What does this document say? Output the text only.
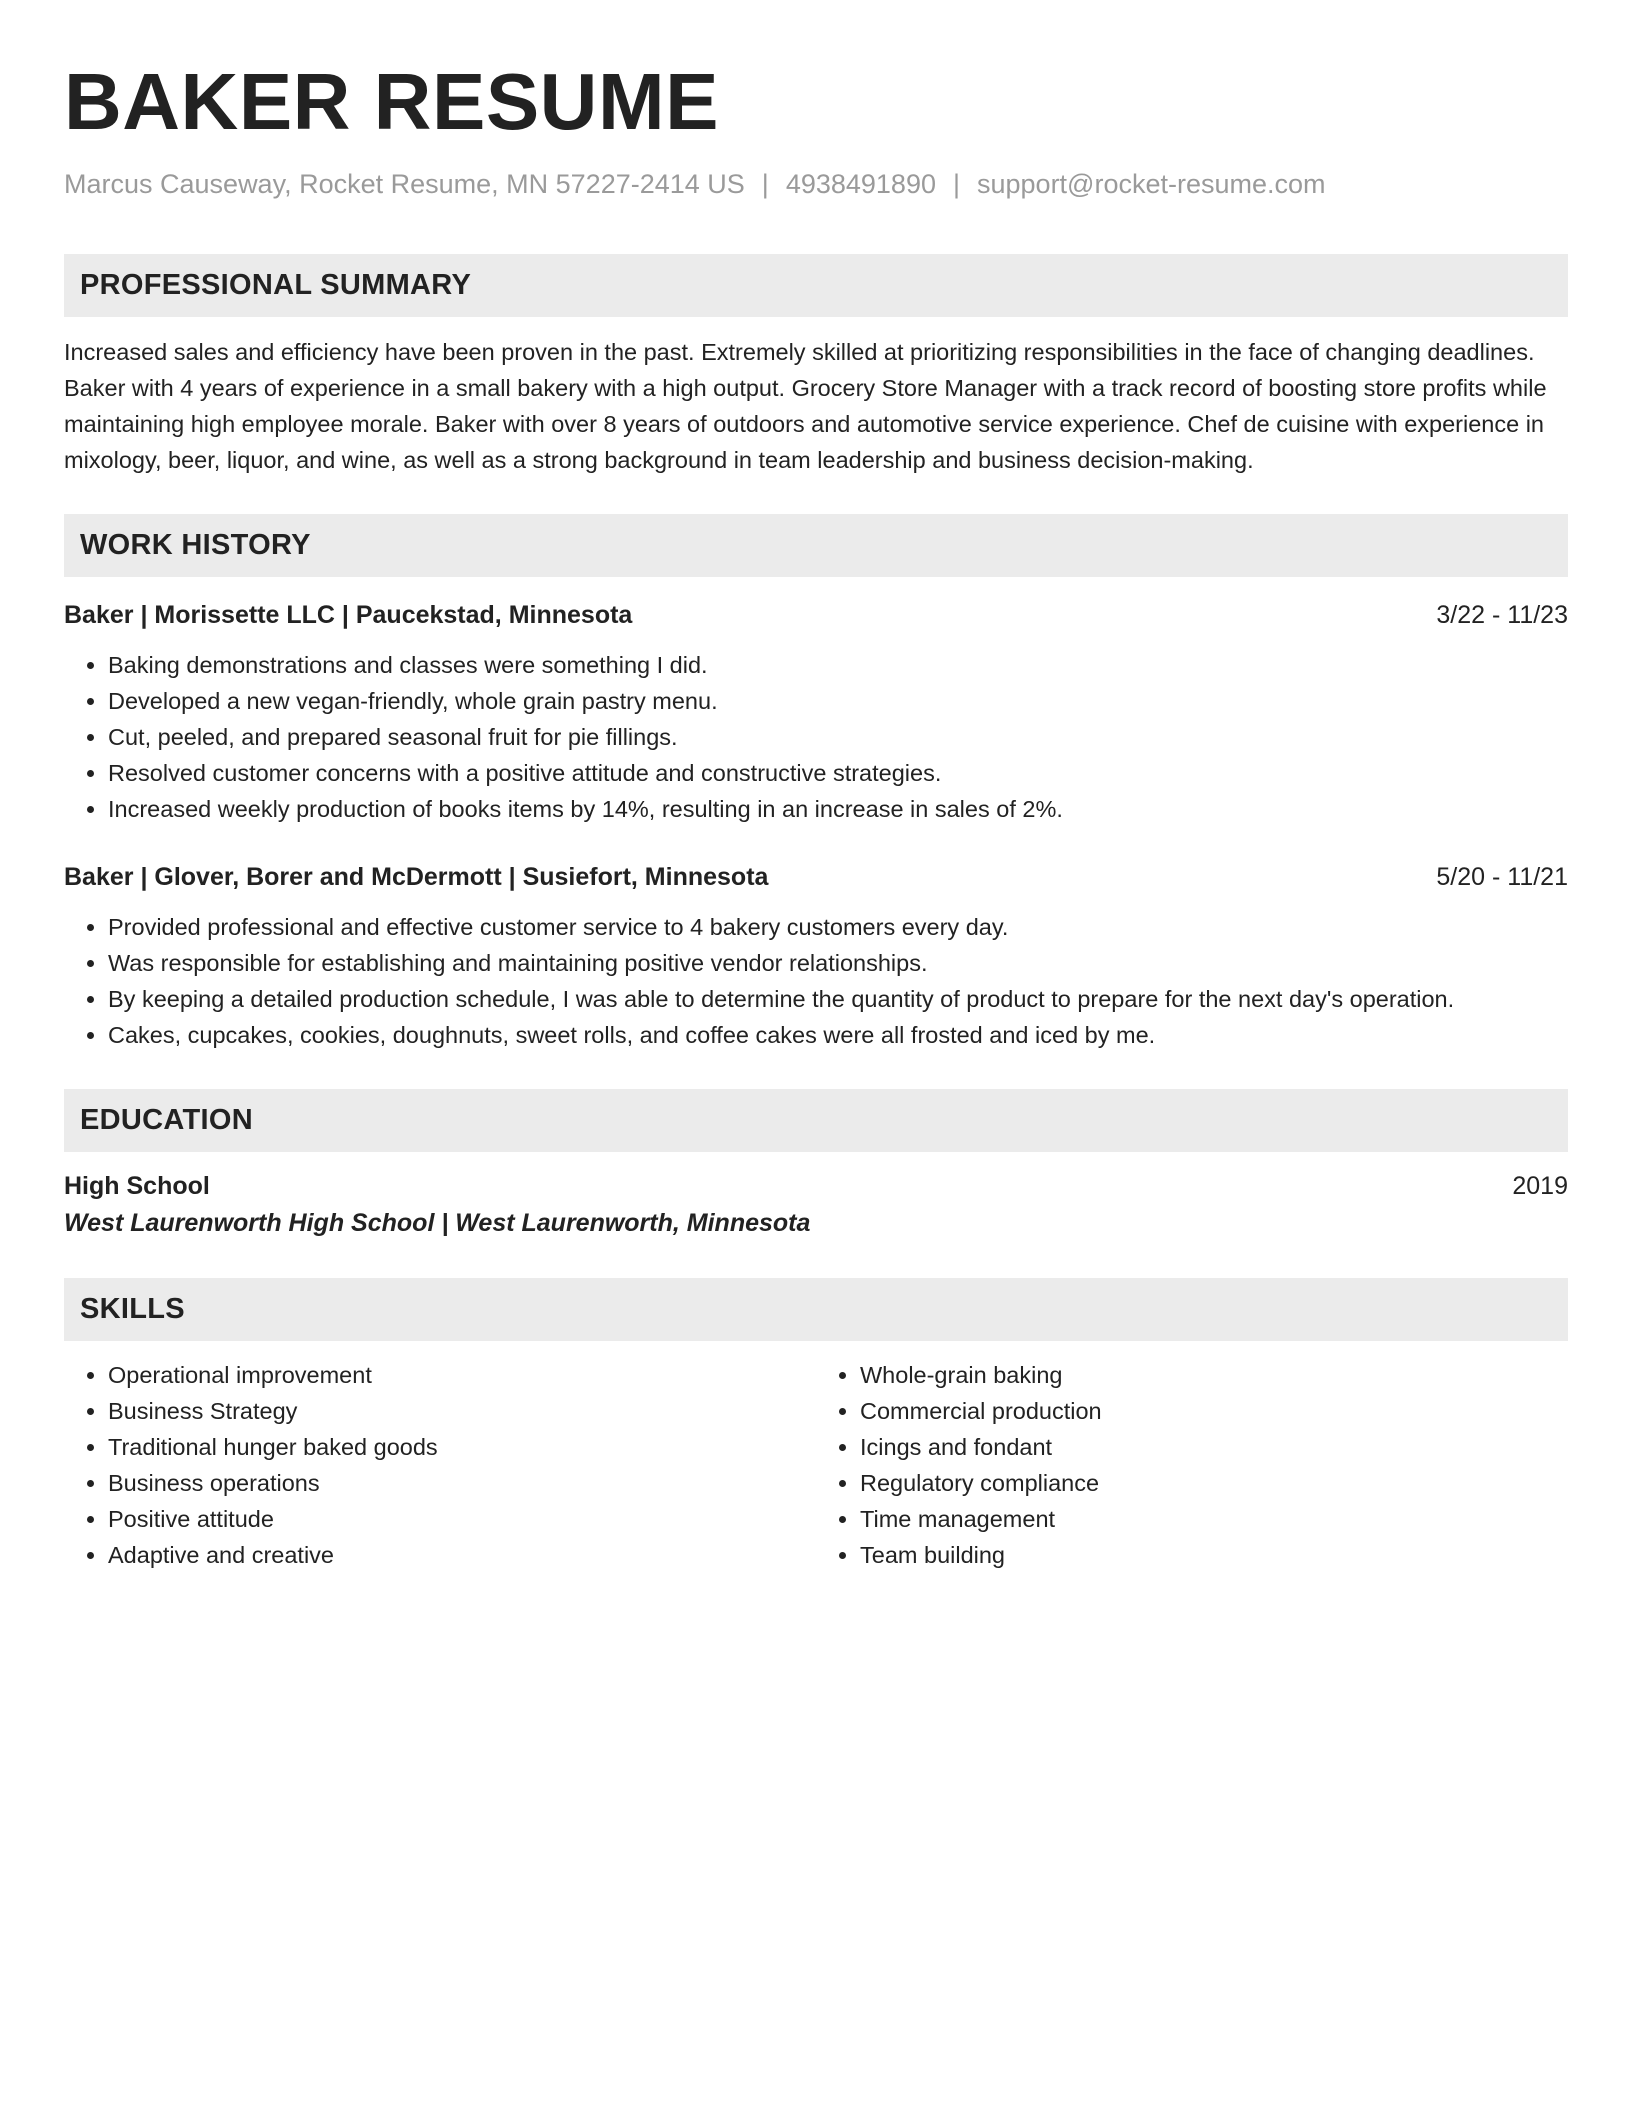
BAKER RESUME
Marcus Causeway, Rocket Resume, MN 57227-2414 US | 4938491890 | support@rocket-resume.com
PROFESSIONAL SUMMARY

Increased sales and efficiency have been proven in the past. Extremely skilled at prioritizing responsibilities in the face of changing deadlines. Baker with 4 years of experience in a small bakery with a high output. Grocery Store Manager with a track record of boosting store profits while maintaining high employee morale. Baker with over 8 years of outdoors and automotive service experience. Chef de cuisine with experience in mixology, beer, liquor, and wine, as well as a strong background in team leadership and business decision-making.

WORK HISTORY
Baker | Morissette LLC | Paucekstad, Minnesota	3/22 - 11/23
• Baking demonstrations and classes were something I did.
• Developed a new vegan-friendly, whole grain pastry menu.
• Cut, peeled, and prepared seasonal fruit for pie fillings.
• Resolved customer concerns with a positive attitude and constructive strategies.
• Increased weekly production of books items by 14%, resulting in an increase in sales of 2%.
Baker | Glover, Borer and McDermott | Susiefort, Minnesota	5/20 - 11/21
• Provided professional and effective customer service to 4 bakery customers every day.
• Was responsible for establishing and maintaining positive vendor relationships.
• By keeping a detailed production schedule, I was able to determine the quantity of product to prepare for the next day's operation.
• Cakes, cupcakes, cookies, doughnuts, sweet rolls, and coffee cakes were all frosted and iced by me.
EDUCATION
High School	2019
West Laurenworth High School | West Laurenworth, Minnesota
SKILLS
• Operational improvement
• Business Strategy
• Traditional hunger baked goods
• Business operations
• Positive attitude
• Adaptive and creative
• Whole-grain baking
• Commercial production
• Icings and fondant
• Regulatory compliance
• Time management
• Team building
